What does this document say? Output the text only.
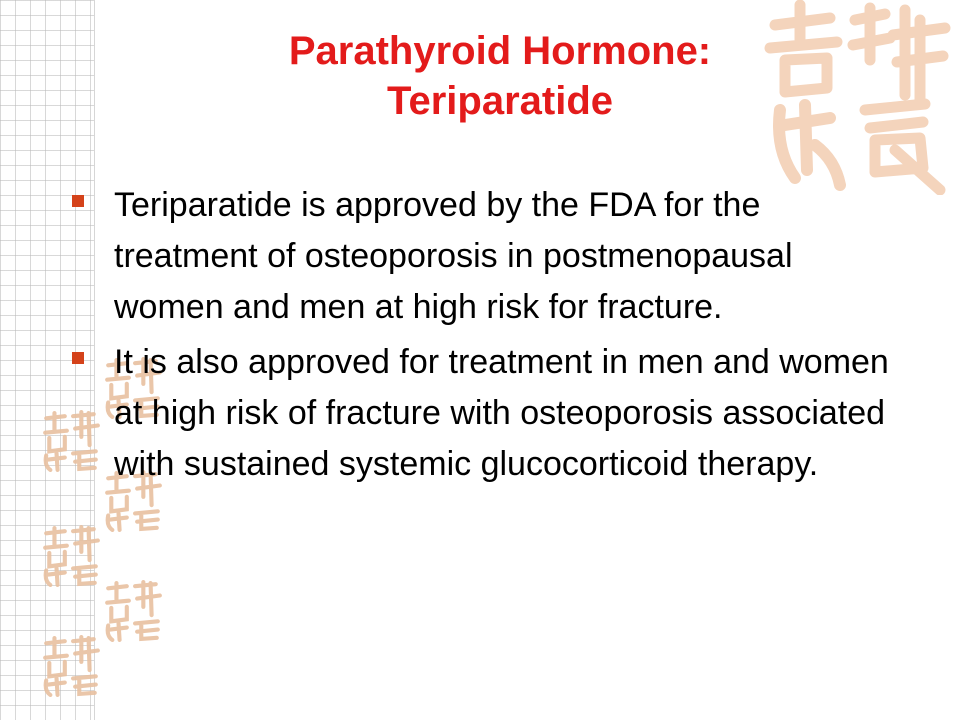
Parathyroid Hormone:
Teriparatide
Teriparatide is approved by the FDA for the treatment of osteoporosis in postmenopausal women and men at high risk for fracture.
It is also approved for treatment in men and women at high risk of fracture with osteoporosis associated with sustained systemic glucocorticoid therapy.
